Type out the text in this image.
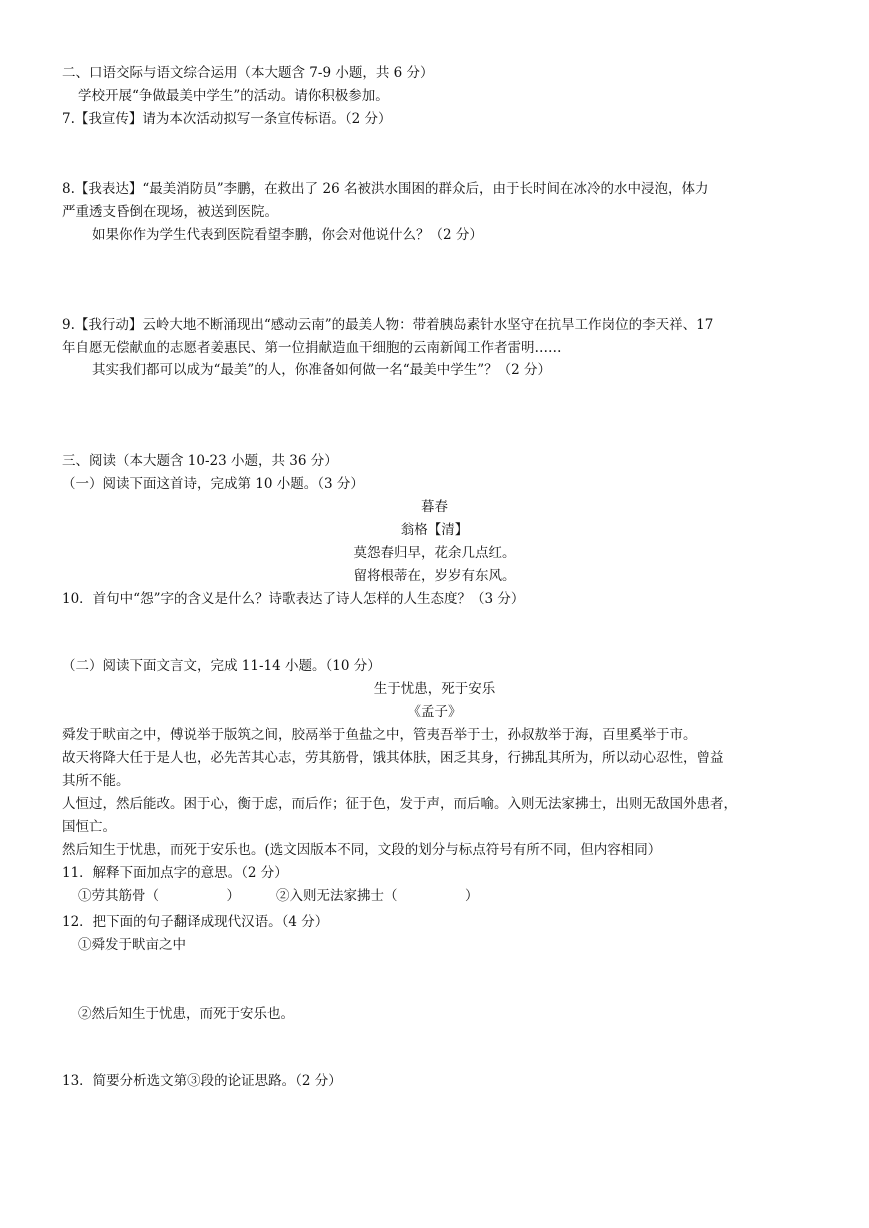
二、口语交际与语文综合运用（本大题含 7-9 小题，共 6 分）
学校开展“争做最美中学生”的活动。请你积极参加。
7.【我宣传】请为本次活动拟写一条宣传标语。（2 分）
8.【我表达】“最美消防员”李鹏，在救出了 26 名被洪水围困的群众后，由于长时间在冰冷的水中浸泡，体力
严重透支昏倒在现场，被送到医院。
如果你作为学生代表到医院看望李鹏，你会对他说什么？（2 分）
9.【我行动】云岭大地不断涌现出“感动云南”的最美人物：带着胰岛素针水坚守在抗旱工作岗位的李天祥、17
年自愿无偿献血的志愿者姜惠民、第一位捐献造血干细胞的云南新闻工作者雷明……
其实我们都可以成为“最美”的人，你准备如何做一名“最美中学生”？（2 分）
三、阅读（本大题含 10-23 小题，共 36 分）
（一）阅读下面这首诗，完成第 10 小题。（3 分）
暮春
翁格【清】
莫怨春归早，花余几点红。
留将根蒂在，岁岁有东风。
10．首句中“怨”字的含义是什么？诗歌表达了诗人怎样的人生态度？（3 分）
（二）阅读下面文言文，完成 11-14 小题。（10 分）
生于忧患，死于安乐
《孟子》
舜发于畎亩之中，傅说举于版筑之间，胶鬲举于鱼盐之中，管夷吾举于士，孙叔敖举于海，百里奚举于市。
故天将降大任于是人也，必先苦其心志，劳其筋骨，饿其体肤，困乏其身，行拂乱其所为，所以动心忍性，曾益
其所不能。
人恒过，然后能改。困于心，衡于虑，而后作；征于色，发于声，而后喻。入则无法家拂士，出则无敌国外患者，
国恒亡。
然后知生于忧患，而死于安乐也。(选文因版本不同，文段的划分与标点符号有所不同，但内容相同）
11．解释下面加点字的意思。（2 分）
①劳其筋骨（　　　　　）	②入则无法家拂士（　　　　　）
12．把下面的句子翻译成现代汉语。（4 分）
①舜发于畎亩之中
②然后知生于忧患，而死于安乐也。
13．简要分析选文第③段的论证思路。（2 分）
